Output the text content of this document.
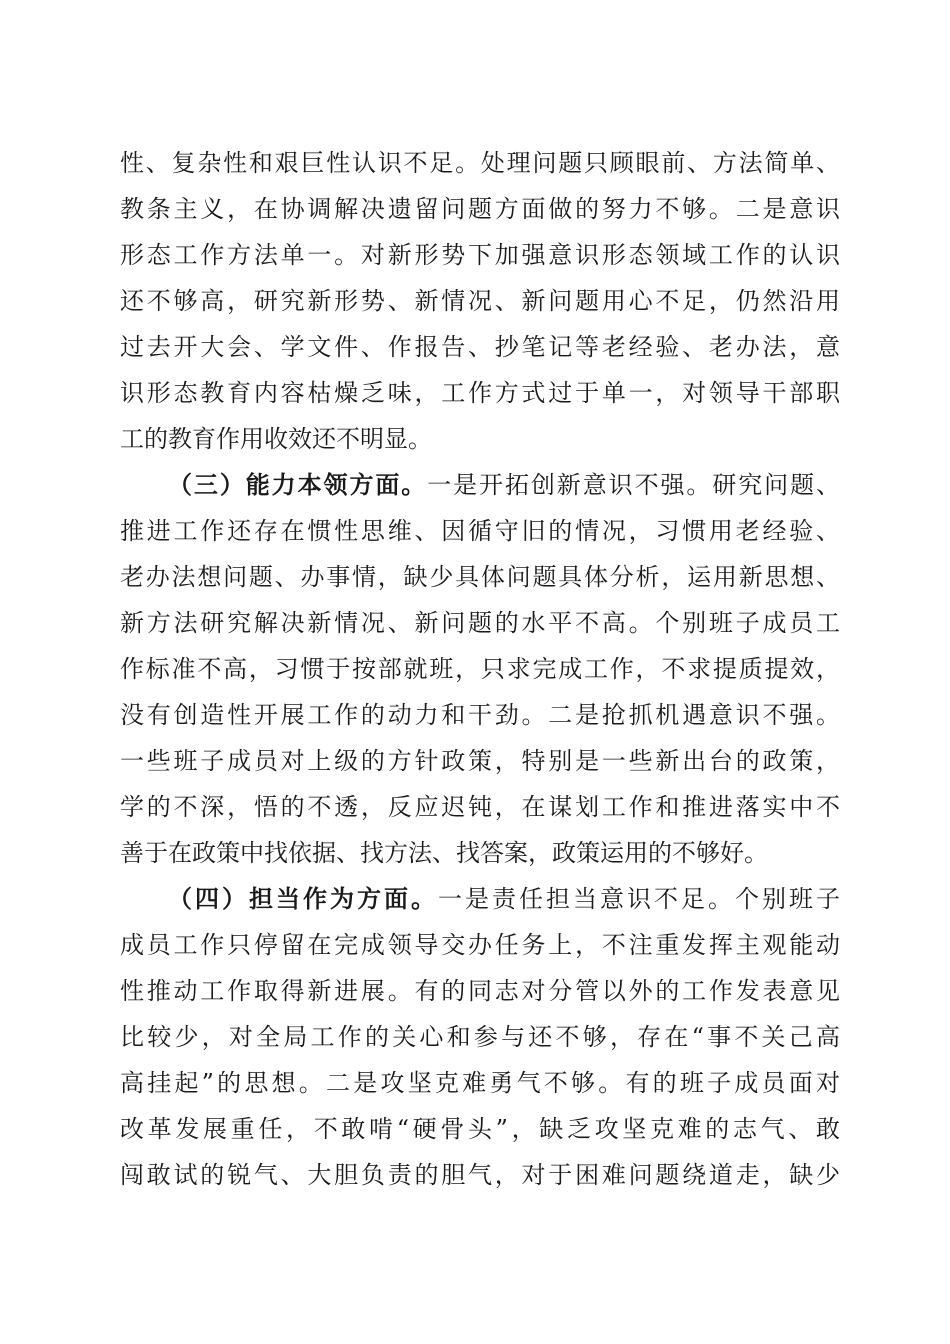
性、复杂性和艰巨性认识不足。处理问题只顾眼前、方法简单、
教条主义，在协调解决遗留问题方面做的努力不够。二是意识
形态工作方法单一。对新形势下加强意识形态领域工作的认识
还不够高，研究新形势、新情况、新问题用心不足，仍然沿用
过去开大会、学文件、作报告、抄笔记等老经验、老办法，意
识形态教育内容枯燥乏味，工作方式过于单一，对领导干部职
工的教育作用收效还不明显。
（三）能力本领方面。一是开拓创新意识不强。研究问题、
推进工作还存在惯性思维、因循守旧的情况，习惯用老经验、
老办法想问题、办事情，缺少具体问题具体分析，运用新思想、
新方法研究解决新情况、新问题的水平不高。个别班子成员工
作标准不高，习惯于按部就班，只求完成工作，不求提质提效，
没有创造性开展工作的动力和干劲。二是抢抓机遇意识不强。
一些班子成员对上级的方针政策，特别是一些新出台的政策，
学的不深，悟的不透，反应迟钝，在谋划工作和推进落实中不
善于在政策中找依据、找方法、找答案，政策运用的不够好。
（四）担当作为方面。一是责任担当意识不足。个别班子
成员工作只停留在完成领导交办任务上，不注重发挥主观能动
性推动工作取得新进展。有的同志对分管以外的工作发表意见
比较少，对全局工作的关心和参与还不够，存在“事不关己高
高挂起”的思想。二是攻坚克难勇气不够。有的班子成员面对
改革发展重任，不敢啃“硬骨头”，缺乏攻坚克难的志气、敢
闯敢试的锐气、大胆负责的胆气，对于困难问题绕道走，缺少
